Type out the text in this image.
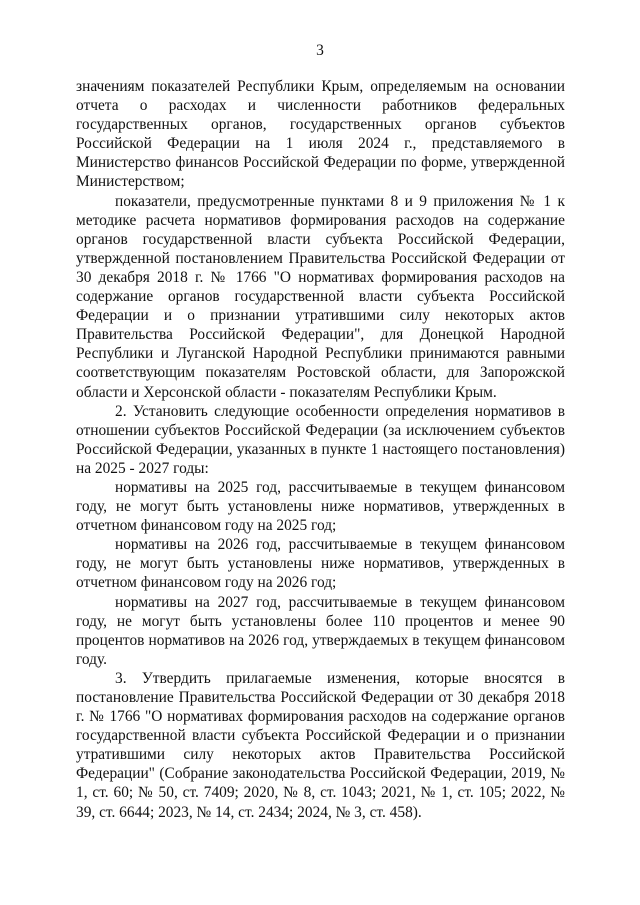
3

значениям показателей Республики Крым, определяемым на основании отчета о расходах и численности работников федеральных государственных органов, государственных органов субъектов Российской Федерации на 1 июля 2024 г., представляемого в Министерство финансов Российской Федерации по форме, утвержденной Министерством;

показатели, предусмотренные пунктами 8 и 9 приложения № 1 к методике расчета нормативов формирования расходов на содержание органов государственной власти субъекта Российской Федерации, утвержденной постановлением Правительства Российской Федерации от 30 декабря 2018 г. № 1766 "О нормативах формирования расходов на содержание органов государственной власти субъекта Российской Федерации и о признании утратившими силу некоторых актов Правительства Российской Федерации", для Донецкой Народной Республики и Луганской Народной Республики принимаются равными соответствующим показателям Ростовской области, для Запорожской области и Херсонской области - показателям Республики Крым.

2. Установить следующие особенности определения нормативов в отношении субъектов Российской Федерации (за исключением субъектов Российской Федерации, указанных в пункте 1 настоящего постановления) на 2025 - 2027 годы:

нормативы на 2025 год, рассчитываемые в текущем финансовом году, не могут быть установлены ниже нормативов, утвержденных в отчетном финансовом году на 2025 год;

нормативы на 2026 год, рассчитываемые в текущем финансовом году, не могут быть установлены ниже нормативов, утвержденных в отчетном финансовом году на 2026 год;

нормативы на 2027 год, рассчитываемые в текущем финансовом году, не могут быть установлены более 110 процентов и менее 90 процентов нормативов на 2026 год, утверждаемых в текущем финансовом году.

3. Утвердить прилагаемые изменения, которые вносятся в постановление Правительства Российской Федерации от 30 декабря 2018 г. № 1766 "О нормативах формирования расходов на содержание органов государственной власти субъекта Российской Федерации и о признании утратившими силу некоторых актов Правительства Российской Федерации" (Собрание законодательства Российской Федерации, 2019, № 1, ст. 60; № 50, ст. 7409; 2020, № 8, ст. 1043; 2021, № 1, ст. 105; 2022, № 39, ст. 6644; 2023, № 14, ст. 2434; 2024, № 3, ст. 458).
